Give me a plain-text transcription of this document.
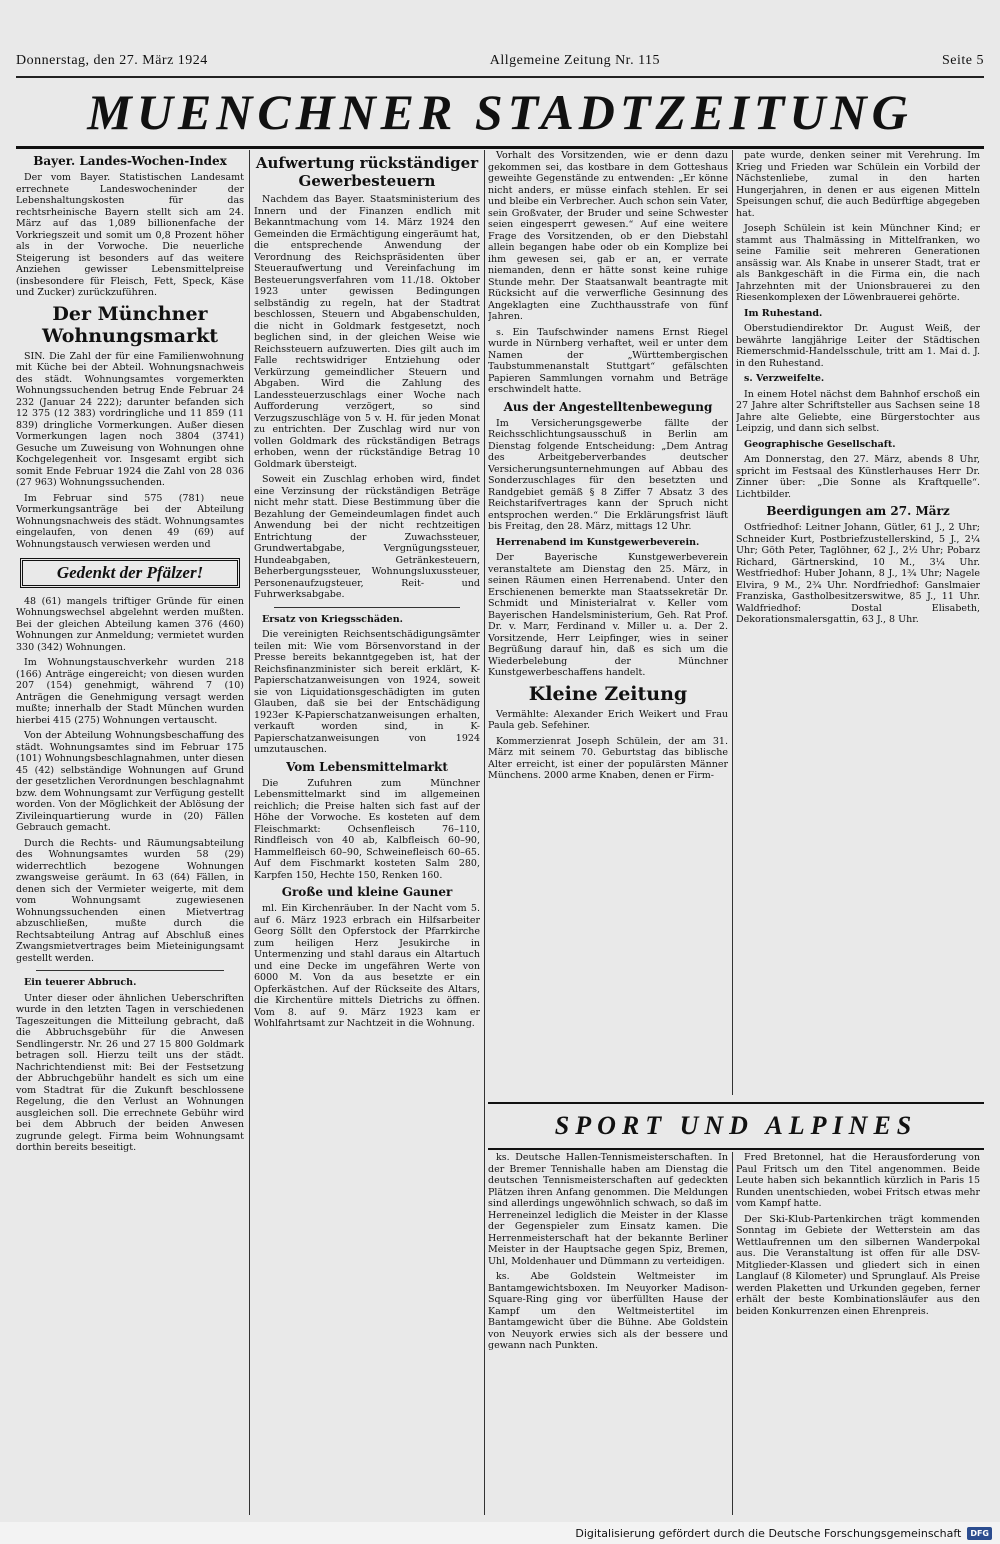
Donnerstag, den 27. März 1924	Allgemeine Zeitung Nr. 115	Seite 5
MUENCHNER STADTZEITUNG
Bayer. Landes-Wochen-Index

Der vom Bayer. Statistischen Landesamt errechnete Landeswocheninder der Lebenshaltungskosten für das rechtsrheinische Bayern stellt sich am 24. März auf das 1,089 billionenfache der Vorkriegszeit und somit um 0,8 Prozent höher als in der Vorwoche. Die neuerliche Steigerung ist besonders auf das weitere Anziehen gewisser Lebensmittelpreise (insbesondere für Fleisch, Fett, Speck, Käse und Zucker) zurückzuführen.

Der Münchner Wohnungsmarkt

SIN. Die Zahl der für eine Familienwohnung mit Küche bei der Abteil. Wohnungsnachweis des städt. Wohnungsamtes vorgemerkten Wohnungssuchenden betrug Ende Februar 24 232 (Januar 24 222); darunter befanden sich 12 375 (12 383) vordringliche und 11 859 (11 839) dringliche Vormerkungen. Außer diesen Vormerkungen lagen noch 3804 (3741) Gesuche um Zuweisung von Wohnungen ohne Kochgelegenheit vor. Insgesamt ergibt sich somit Ende Februar 1924 die Zahl von 28 036 (27 963) Wohnungssuchenden.

Im Februar sind 575 (781) neue Vormerkungsanträge bei der Abteilung Wohnungsnachweis des städt. Wohnungsamtes eingelaufen, von denen 49 (69) auf Wohnungstausch verwiesen werden und

Gedenkt der Pfälzer!

48 (61) mangels triftiger Gründe für einen Wohnungswechsel abgelehnt werden mußten. Bei der gleichen Abteilung kamen 376 (460) Wohnungen zur Anmeldung; vermietet wurden 330 (342) Wohnungen.

Im Wohnungstauschverkehr wurden 218 (166) Anträge eingereicht; von diesen wurden 207 (154) genehmigt, während 7 (10) Anträgen die Genehmigung versagt werden mußte; innerhalb der Stadt München wurden hierbei 415 (275) Wohnungen vertauscht.

Von der Abteilung Wohnungsbeschaffung des städt. Wohnungsamtes sind im Februar 175 (101) Wohnungsbeschlagnahmen, unter diesen 45 (42) selbständige Wohnungen auf Grund der gesetzlichen Verordnungen beschlagnahmt bzw. dem Wohnungsamt zur Verfügung gestellt worden. Von der Möglichkeit der Ablösung der Zivileinquartierung wurde in (20) Fällen Gebrauch gemacht.

Durch die Rechts- und Räumungsabteilung des Wohnungsamtes wurden 58 (29) widerrechtlich bezogene Wohnungen zwangsweise geräumt. In 63 (64) Fällen, in denen sich der Vermieter weigerte, mit dem vom Wohnungsamt zugewiesenen Wohnungssuchenden einen Mietvertrag abzuschließen, mußte durch die Rechtsabteilung Antrag auf Abschluß eines Zwangsmietvertrages beim Mieteinigungsamt gestellt werden.

Ein teuerer Abbruch.

Unter dieser oder ähnlichen Ueberschriften wurde in den letzten Tagen in verschiedenen Tageszeitungen die Mitteilung gebracht, daß die Abbruchsgebühr für die Anwesen Sendlingerstr. Nr. 26 und 27 15 800 Goldmark betragen soll. Hierzu teilt uns der städt. Nachrichtendienst mit: Bei der Festsetzung der Abbruchgebühr handelt es sich um eine vom Stadtrat für die Zukunft beschlossene Regelung, die den Verlust an Wohnungen ausgleichen soll. Die errechnete Gebühr wird bei dem Abbruch der beiden Anwesen zugrunde gelegt. Firma beim Wohnungsamt dorthin bereits beseitigt.

Aufwertung rückständiger Gewerbesteuern

Nachdem das Bayer. Staatsministerium des Innern und der Finanzen endlich mit Bekanntmachung vom 14. März 1924 den Gemeinden die Ermächtigung eingeräumt hat, die entsprechende Anwendung der Verordnung des Reichspräsidenten über Steueraufwertung und Vereinfachung im Besteuerungsverfahren vom 11./18. Oktober 1923 unter gewissen Bedingungen selbständig zu regeln, hat der Stadtrat beschlossen, Steuern und Abgabenschulden, die nicht in Goldmark festgesetzt, noch beglichen sind, in der gleichen Weise wie Reichssteuern aufzuwerten. Dies gilt auch im Falle rechtswidriger Entziehung oder Verkürzung gemeindlicher Steuern und Abgaben. Wird die Zahlung des Landessteuerzuschlags einer Woche nach Aufforderung verzögert, so sind Verzugszuschläge von 5 v. H. für jeden Monat zu entrichten. Der Zuschlag wird nur von vollen Goldmark des rückständigen Betrags erhoben, wenn der rückständige Betrag 10 Goldmark übersteigt.

Soweit ein Zuschlag erhoben wird, findet eine Verzinsung der rückständigen Beträge nicht mehr statt. Diese Bestimmung über die Bezahlung der Gemeindeumlagen findet auch Anwendung bei der nicht rechtzeitigen Entrichtung der Zuwachssteuer, Grundwertabgabe, Vergnügungssteuer, Hundeabgaben, Getränkesteuern, Beherbergungssteuer, Wohnungsluxussteuer, Personenaufzugsteuer, Reit- und Fuhrwerksabgabe.

Ersatz von Kriegsschäden.

Die vereinigten Reichsentschädigungsämter teilen mit: Wie vom Börsenvorstand in der Presse bereits bekanntgegeben ist, hat der Reichsfinanzminister sich bereit erklärt, K-Papierschatzanweisungen von 1924, soweit sie von Liquidationsgeschädigten im guten Glauben, daß sie bei der Entschädigung 1923er K-Papierschatzanweisungen erhalten, verkauft worden sind, in K-Papierschatzanweisungen von 1924 umzutauschen.

Vom Lebensmittelmarkt

Die Zufuhren zum Münchner Lebensmittelmarkt sind im allgemeinen reichlich; die Preise halten sich fast auf der Höhe der Vorwoche. Es kosteten auf dem Fleischmarkt: Ochsenfleisch 76–110, Rindfleisch von 40 ab, Kalbfleisch 60–90, Hammelfleisch 60–90, Schweinefleisch 60–65. Auf dem Fischmarkt kosteten Salm 280, Karpfen 150, Hechte 150, Renken 160.

Große und kleine Gauner

ml. Ein Kirchenräuber. In der Nacht vom 5. auf 6. März 1923 erbrach ein Hilfsarbeiter Georg Söllt den Opferstock der Pfarrkirche zum heiligen Herz Jesukirche in Untermenzing und stahl daraus ein Altartuch und eine Decke im ungefähren Werte von 6000 M. Von da aus besetzte er ein Opferkästchen. Auf der Rückseite des Altars, die Kirchentüre mittels Dietrichs zu öffnen. Vom 8. auf 9. März 1923 kam er Wohlfahrtsamt zur Nachtzeit in die Wohnung.

Vorhalt des Vorsitzenden, wie er denn dazu gekommen sei, das kostbare in dem Gotteshaus geweihte Gegenstände zu entwenden: „Er könne nicht anders, er müsse einfach stehlen. Er sei und bleibe ein Verbrecher. Auch schon sein Vater, sein Großvater, der Bruder und seine Schwester seien eingesperrt gewesen.“ Auf eine weitere Frage des Vorsitzenden, ob er den Diebstahl allein begangen habe oder ob ein Komplize bei ihm gewesen sei, gab er an, er verrate niemanden, denn er hätte sonst keine ruhige Stunde mehr. Der Staatsanwalt beantragte mit Rücksicht auf die verwerfliche Gesinnung des Angeklagten eine Zuchthausstrafe von fünf Jahren.

s. Ein Taufschwinder namens Ernst Riegel wurde in Nürnberg verhaftet, weil er unter dem Namen der „Württembergischen Taubstummenanstalt Stuttgart“ gefälschten Papieren Sammlungen vornahm und Beträge erschwindelt hatte.

Aus der Angestelltenbewegung

Im Versicherungsgewerbe fällte der Reichsschlichtungsausschuß in Berlin am Dienstag folgende Entscheidung: „Dem Antrag des Arbeitgeberverbandes deutscher Versicherungsunternehmungen auf Abbau des Sonderzuschlages für den besetzten und Randgebiet gemäß § 8 Ziffer 7 Absatz 3 des Reichstarifvertrages kann der Spruch nicht entsprochen werden.“ Die Erklärungsfrist läuft bis Freitag, den 28. März, mittags 12 Uhr.

Herrenabend im Kunstgewerbeverein.

Der Bayerische Kunstgewerbeverein veranstaltete am Dienstag den 25. März, in seinen Räumen einen Herrenabend. Unter den Erschienenen bemerkte man Staatssekretär Dr. Schmidt und Ministerialrat v. Keller vom Bayerischen Handelsministerium, Geh. Rat Prof. Dr. v. Marr, Ferdinand v. Miller u. a. Der 2. Vorsitzende, Herr Leipfinger, wies in seiner Begrüßung darauf hin, daß es sich um die Wiederbelebung der Münchner Kunstgewerbeschaffens handelt.

Kleine Zeitung

Vermählte: Alexander Erich Weikert und Frau Paula geb. Sefehiner.

Kommerzienrat Joseph Schülein, der am 31. März mit seinem 70. Geburtstag das biblische Alter erreicht, ist einer der populärsten Männer Münchens. 2000 arme Knaben, denen er Firm-

pate wurde, denken seiner mit Verehrung. Im Krieg und Frieden war Schülein ein Vorbild der Nächstenliebe, zumal in den harten Hungerjahren, in denen er aus eigenen Mitteln Speisungen schuf, die auch Bedürftige abgegeben hat.

Joseph Schülein ist kein Münchner Kind; er stammt aus Thalmässing in Mittelfranken, wo seine Familie seit mehreren Generationen ansässig war. Als Knabe in unserer Stadt, trat er als Bankgeschäft in die Firma ein, die nach Jahrzehnten mit der Unionsbrauerei zu den Riesenkomplexen der Löwenbrauerei gehörte.

Im Ruhestand.

Oberstudiendirektor Dr. August Weiß, der bewährte langjährige Leiter der Städtischen Riemerschmid-Handelsschule, tritt am 1. Mai d. J. in den Ruhestand.

s. Verzweifelte.

In einem Hotel nächst dem Bahnhof erschoß ein 27 Jahre alter Schriftsteller aus Sachsen seine 18 Jahre alte Geliebte, eine Bürgerstochter aus Leipzig, und dann sich selbst.

Geographische Gesellschaft.

Am Donnerstag, den 27. März, abends 8 Uhr, spricht im Festsaal des Künstlerhauses Herr Dr. Zinner über: „Die Sonne als Kraftquelle“. Lichtbilder.

Beerdigungen am 27. März

Ostfriedhof: Leitner Johann, Gütler, 61 J., 2 Uhr; Schneider Kurt, Postbriefzustellerskind, 5 J., 2¼ Uhr; Göth Peter, Taglöhner, 62 J., 2½ Uhr; Pobarz Richard, Gärtnerskind, 10 M., 3¼ Uhr. Westfriedhof: Huber Johann, 8 J., 1¾ Uhr; Nagele Elvira, 9 M., 2¾ Uhr. Nordfriedhof: Ganslmaier Franziska, Gastholbesitzerswitwe, 85 J., 11 Uhr. Waldfriedhof: Dostal Elisabeth, Dekorationsmalersgattin, 63 J., 8 Uhr.

SPORT UND ALPINES

ks. Deutsche Hallen-Tennismeisterschaften. In der Bremer Tennishalle haben am Dienstag die deutschen Tennismeisterschaften auf gedeckten Plätzen ihren Anfang genommen. Die Meldungen sind allerdings ungewöhnlich schwach, so daß im Herreneinzel lediglich die Meister in der Klasse der Gegenspieler zum Einsatz kamen. Die Herrenmeisterschaft hat der bekannte Berliner Meister in der Hauptsache gegen Spiz, Bremen, Uhl, Moldenhauer und Dümmann zu verteidigen.

ks. Abe Goldstein Weltmeister im Bantamgewichtsboxen. Im Neuyorker Madison-Square-Ring ging vor überfüllten Hause der Kampf um den Weltmeistertitel im Bantamgewicht über die Bühne. Abe Goldstein von Neuyork erwies sich als der bessere und gewann nach Punkten.

Fred Bretonnel, hat die Herausforderung von Paul Fritsch um den Titel angenommen. Beide Leute haben sich bekanntlich kürzlich in Paris 15 Runden unentschieden, wobei Fritsch etwas mehr vom Kampf hatte.

Der Ski-Klub-Partenkirchen trägt kommenden Sonntag im Gebiete der Wetterstein am das Wettlaufrennen um den silbernen Wanderpokal aus. Die Veranstaltung ist offen für alle DSV-Mitglieder-Klassen und gliedert sich in einen Langlauf (8 Kilometer) und Sprunglauf. Als Preise werden Plaketten und Urkunden gegeben, ferner erhält der beste Kombinationsläufer aus den beiden Konkurrenzen einen Ehrenpreis.

Digitalisierung gefördert durch die Deutsche Forschungsgemeinschaft	DFG
